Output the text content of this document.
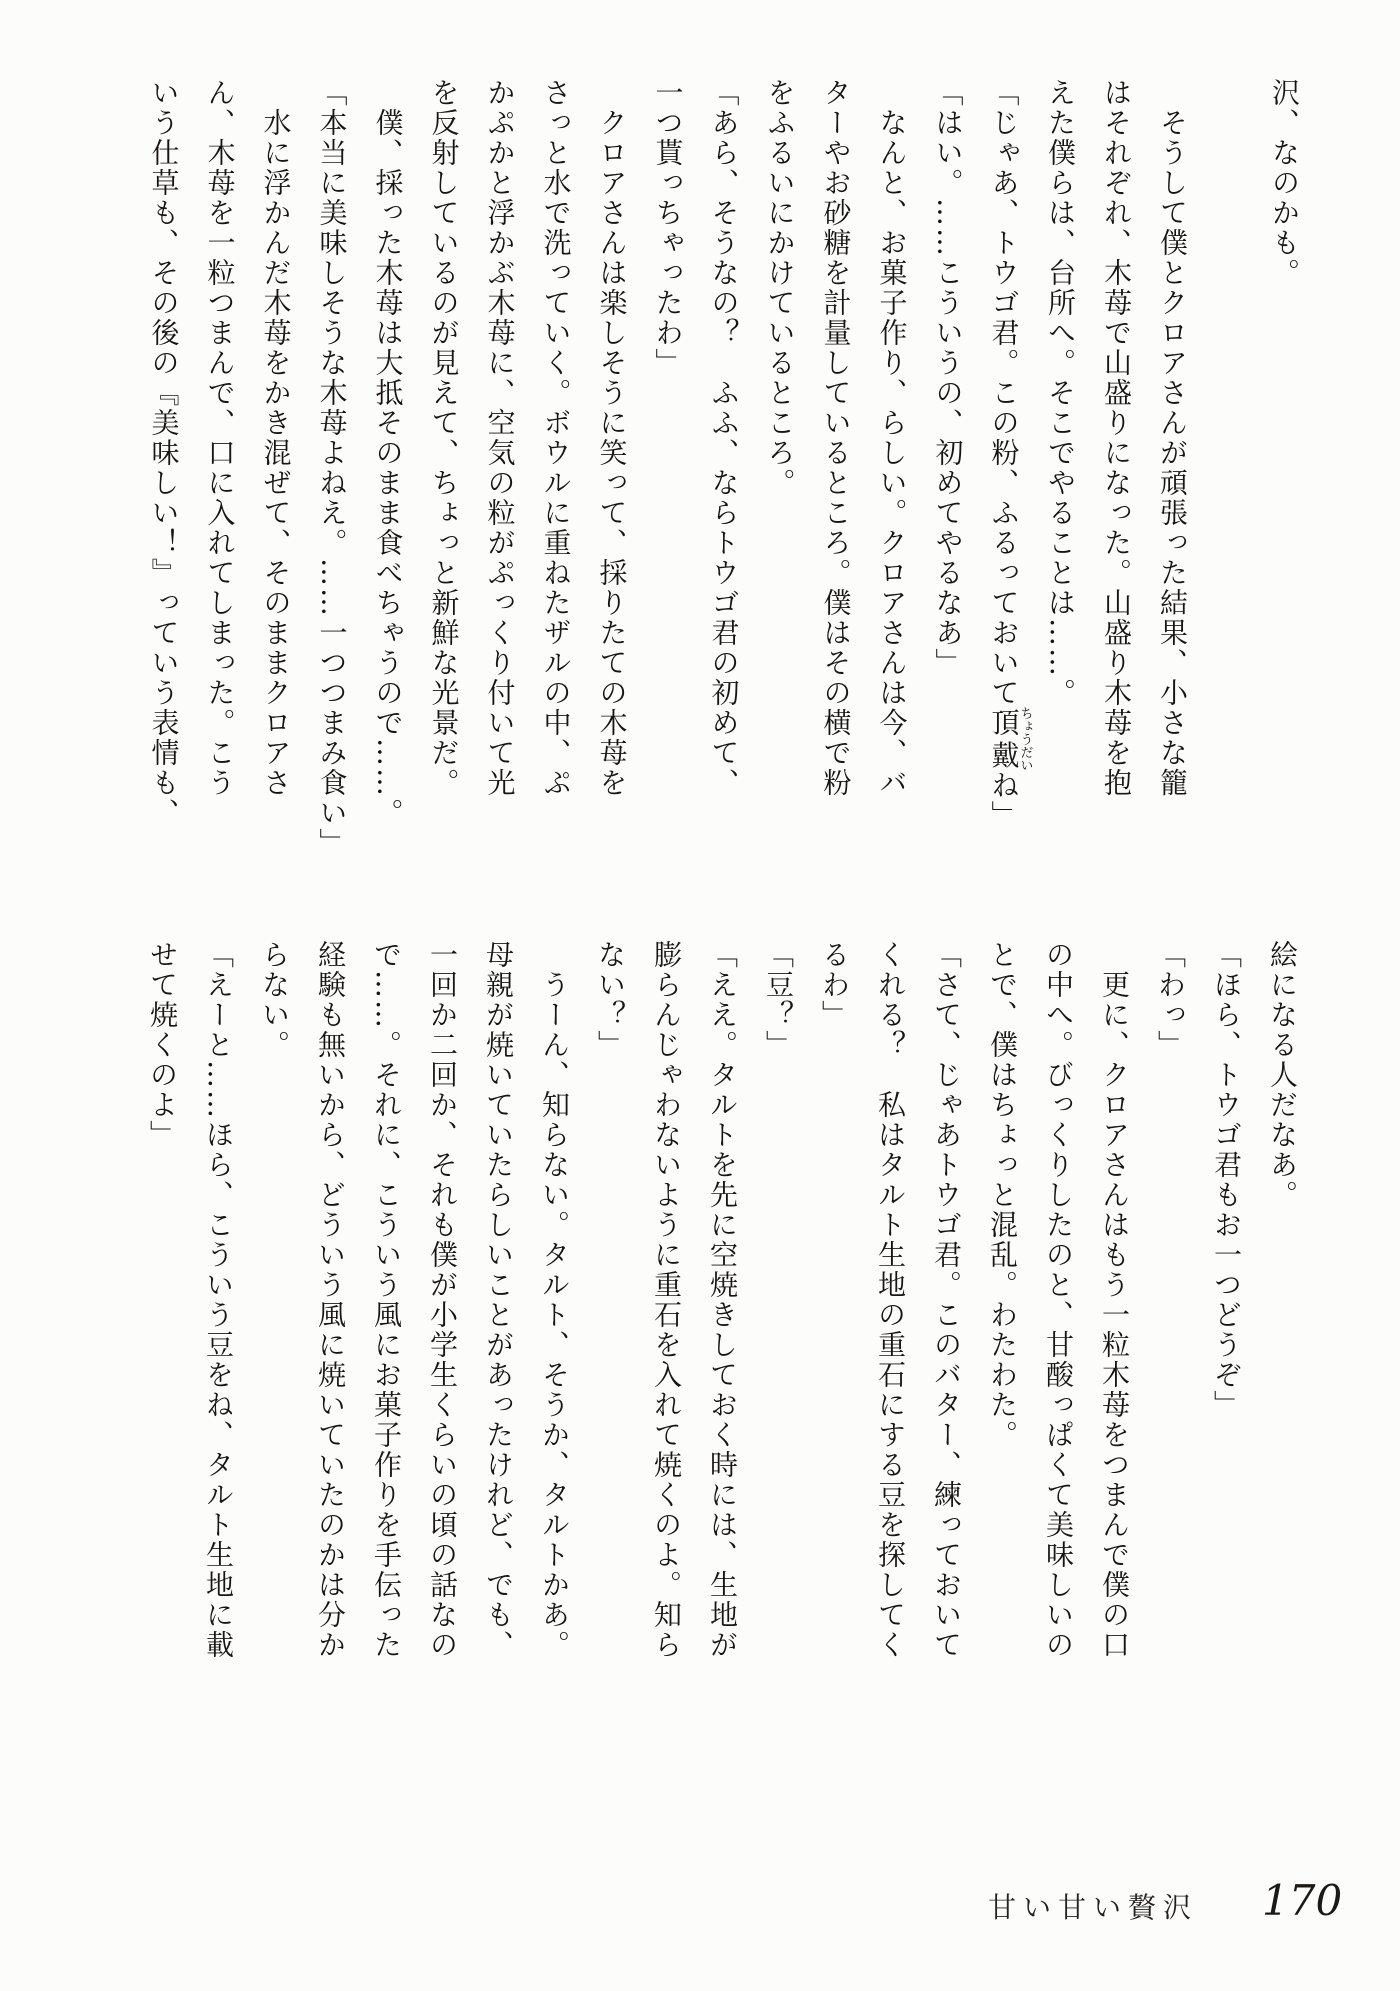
沢、なのかも。

　そうして僕とクロアさんが頑張った結果、小さな籠
はそれぞれ、木苺で山盛りになった。山盛り木苺を抱
えた僕らは、台所へ。そこでやることは……。
「じゃあ、トウゴ君。この粉、ふるっておいて頂戴ちょうだいね」
「はい。……こういうの、初めてやるなあ」
　なんと、お菓子作り、らしい。クロアさんは今、バ
ターやお砂糖を計量しているところ。僕はその横で粉
をふるいにかけているところ。
「あら、そうなの？　ふふ、ならトウゴ君の初めて、
一つ貰っちゃったわ」
　クロアさんは楽しそうに笑って、採りたての木苺を
さっと水で洗っていく。ボウルに重ねたザルの中、ぷ
かぷかと浮かぶ木苺に、空気の粒がぷっくり付いて光
を反射しているのが見えて、ちょっと新鮮な光景だ。
　僕、採った木苺は大抵そのまま食べちゃうので……。
「本当に美味しそうな木苺よねえ。……一つつまみ食い」
　水に浮かんだ木苺をかき混ぜて、そのままクロアさ
ん、木苺を一粒つまんで、口に入れてしまった。こう
いう仕草も、その後の『美味しい！』っていう表情も、
絵になる人だなあ。
「ほら、トウゴ君もお一つどうぞ」
「わっ」
　更に、クロアさんはもう一粒木苺をつまんで僕の口
の中へ。びっくりしたのと、甘酸っぱくて美味しいの
とで、僕はちょっと混乱。わたわた。
「さて、じゃあトウゴ君。このバター、練っておいて
くれる？　私はタルト生地の重石にする豆を探してく
るわ」
「豆？」
「ええ。タルトを先に空焼きしておく時には、生地が
膨らんじゃわないように重石を入れて焼くのよ。知ら
ない？」
　うーん、知らない。タルト、そうか、タルトかあ。
母親が焼いていたらしいことがあったけれど、でも、
一回か二回か、それも僕が小学生くらいの頃の話なの
で……。それに、こういう風にお菓子作りを手伝った
経験も無いから、どういう風に焼いていたのかは分か
らない。
「えーと……ほら、こういう豆をね、タルト生地に載
せて焼くのよ」
甘い甘い贅沢 170
